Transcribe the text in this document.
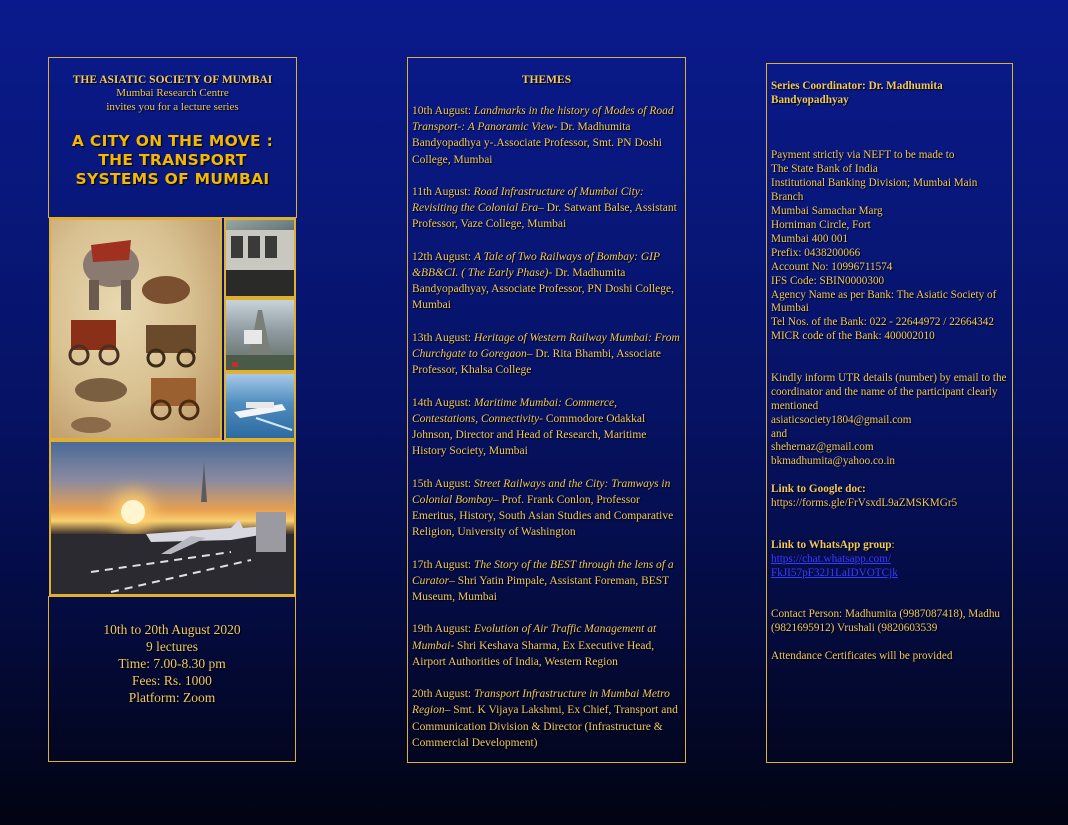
THE ASIATIC SOCIETY OF MUMBAI
Mumbai Research Centre
invites you for a lecture series
A CITY ON THE MOVE :
THE TRANSPORT
SYSTEMS OF MUMBAI
10th to 20th August 2020
9 lectures
Time: 7.00-8.30 pm
Fees: Rs. 1000
Platform: Zoom
THEMES
10th August: Landmarks in the history of Modes of Road Transport-: A Panoramic View- Dr. Madhumita Bandyopadhya y-.Associate Professor, Smt. PN Doshi College, Mumbai
11th August: Road Infrastructure of Mumbai City: Revisiting the Colonial Era– Dr. Satwant Balse, Assistant Professor, Vaze College, Mumbai
12th August: A Tale of Two Railways of Bombay: GIP &BB&CI. ( The Early Phase)- Dr. Madhumita Bandyopadhyay, Associate Professor, PN Doshi College, Mumbai
13th August: Heritage of Western Railway Mumbai: From Churchgate to Goregaon– Dr. Rita Bhambi, Associate Professor, Khalsa College
14th August: Maritime Mumbai: Commerce, Contestations, Connectivity- Commodore Odakkal Johnson, Director and Head of Research, Maritime History Society, Mumbai
15th August: Street Railways and the City: Tramways in Colonial Bombay– Prof. Frank Conlon, Professor Emeritus, History, South Asian Studies and Comparative Religion, University of Washington
17th August: The Story of the BEST through the lens of a Curator– Shri Yatin Pimpale, Assistant Foreman, BEST Museum, Mumbai
19th August: Evolution of Air Traffic Management at Mumbai- Shri Keshava Sharma, Ex Executive Head, Airport Authorities of India, Western Region
20th August: Transport Infrastructure in Mumbai Metro Region– Smt. K Vijaya Lakshmi, Ex Chief, Transport and Communication Division & Director (Infrastructure & Commercial Development)
Series Coordinator: Dr. Madhumita Bandyopadhyay
Payment strictly via NEFT to be made to
The State Bank of India
Institutional Banking Division; Mumbai Main Branch
Mumbai Samachar Marg
Horniman Circle, Fort
Mumbai 400 001
Prefix: 0438200066
Account No: 10996711574
IFS Code: SBIN0000300
Agency Name as per Bank: The Asiatic Society of Mumbai
Tel Nos. of the Bank: 022 - 22644972 / 22664342
MICR code of the Bank: 400002010
Kindly inform UTR details (number) by email to the coordinator and the name of the participant clearly mentioned
asiaticsociety1804@gmail.com
and
shehernaz@gmail.com
bkmadhumita@yahoo.co.in
Link to Google doc:
https://forms.gle/FrVsxdL9aZMSKMGr5
Link to WhatsApp group:
https://chat.whatsapp.com/ FkJI57pF32J1LaIDVOTCjk
Contact Person: Madhumita (9987087418), Madhu (9821695912) Vrushali (9820603539
Attendance Certificates will be provided
